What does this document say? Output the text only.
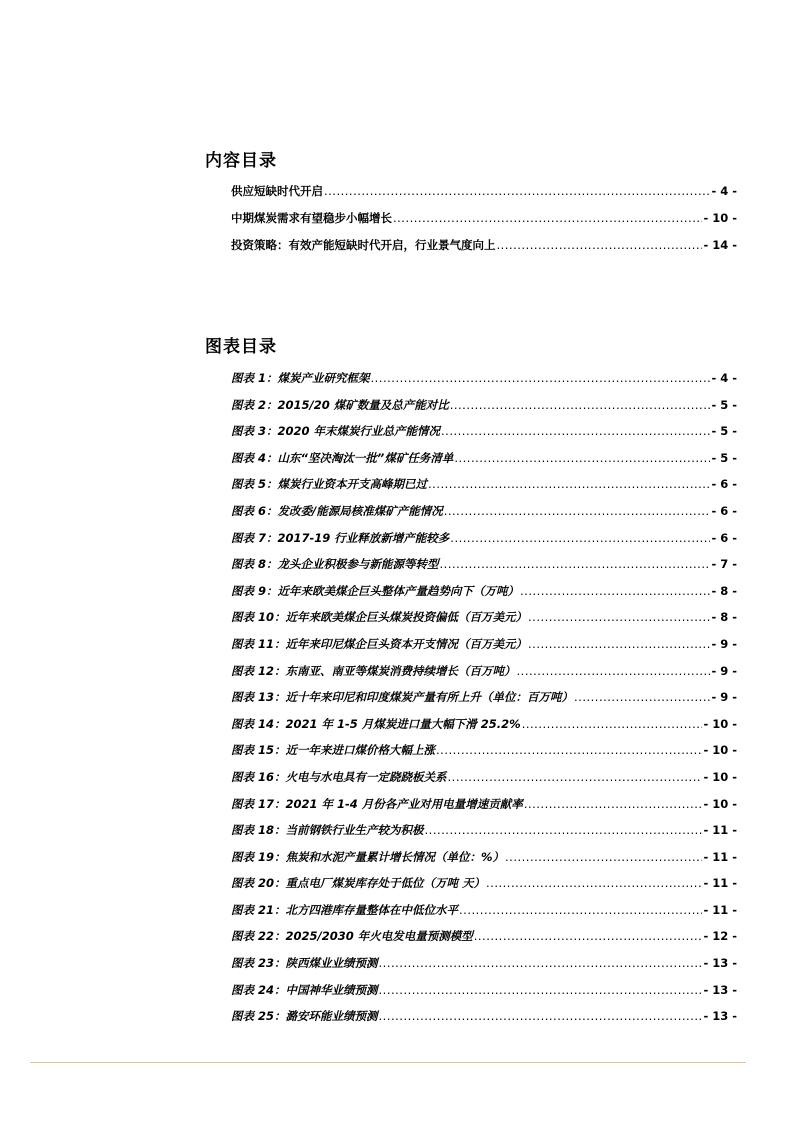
内容目录
供应短缺时代开启 .....	- 4 -
中期煤炭需求有望稳步小幅增长 .....	- 10 -
投资策略：有效产能短缺时代开启，行业景气度向上 .....	- 14 -
图表目录
图表 1：煤炭产业研究框架 .....	- 4 -
图表 2：2015/20 煤矿数量及总产能对比 .....	- 5 -
图表 3：2020 年末煤炭行业总产能情况 .....	- 5 -
图表 4：山东“坚决淘汰一批”煤矿任务清单 .....	- 5 -
图表 5：煤炭行业资本开支高峰期已过 .....	- 6 -
图表 6：发改委/能源局核准煤矿产能情况 .....	- 6 -
图表 7：2017-19 行业释放新增产能较多 .....	- 6 -
图表 8：龙头企业积极参与新能源等转型 .....	- 7 -
图表 9：近年来欧美煤企巨头整体产量趋势向下（万吨） .....	- 8 -
图表 10：近年来欧美煤企巨头煤炭投资偏低（百万美元） .....	- 8 -
图表 11：近年来印尼煤企巨头资本开支情况（百万美元） .....	- 9 -
图表 12：东南亚、南亚等煤炭消费持续增长（百万吨） .....	- 9 -
图表 13：近十年来印尼和印度煤炭产量有所上升（单位：百万吨） .....	- 9 -
图表 14：2021 年 1-5 月煤炭进口量大幅下滑 25.2% .....	- 10 -
图表 15：近一年来进口煤价格大幅上涨 .....	- 10 -
图表 16：火电与水电具有一定跷跷板关系 .....	- 10 -
图表 17：2021 年 1-4 月份各产业对用电量增速贡献率 .....	- 10 -
图表 18：当前钢铁行业生产较为积极 .....	- 11 -
图表 19：焦炭和水泥产量累计增长情况（单位：%） .....	- 11 -
图表 20：重点电厂煤炭库存处于低位（万吨 天） .....	- 11 -
图表 21：北方四港库存量整体在中低位水平 .....	- 11 -
图表 22：2025/2030 年火电发电量预测模型 .....	- 12 -
图表 23：陕西煤业业绩预测 .....	- 13 -
图表 24：中国神华业绩预测 .....	- 13 -
图表 25：潞安环能业绩预测 .....	- 13 -
